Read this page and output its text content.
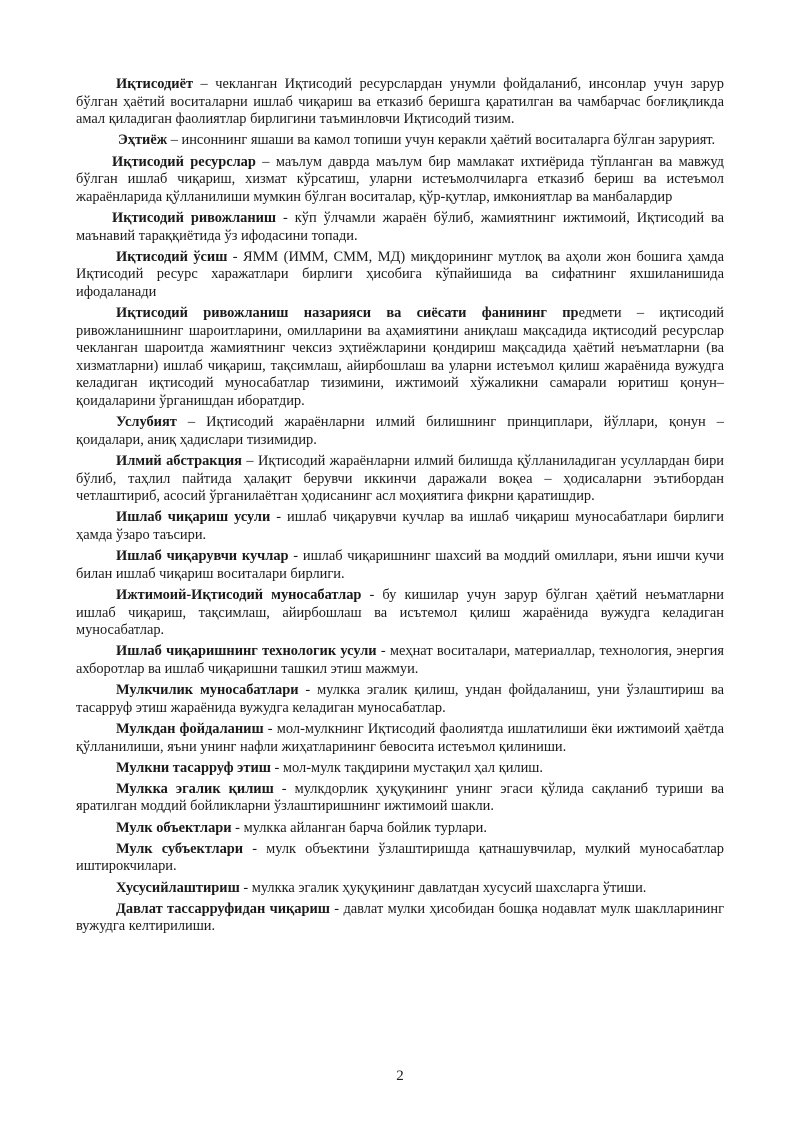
Иқтисодиёт – чекланган Иқтисодий ресурслардан унумли фойдаланиб, инсонлар учун зарур бўлган ҳаётий воситаларни ишлаб чиқариш ва етказиб беришга қаратилган ва чамбарчас боғлиқликда амал қиладиган фаолиятлар бирлигини таъминловчи Иқтисодий тизим.

Эҳтиёж – инсоннинг яшаши ва камол топиши учун керакли ҳаётий воситаларга бўлган зарурият.

Иқтисодий ресурслар – маълум даврда маълум бир мамлакат ихтиёрида тўпланган ва мавжуд бўлган ишлаб чиқариш, хизмат кўрсатиш, уларни истеъмолчиларга етказиб бериш ва истеъмол жараёнларида қўлланилиши мумкин бўлган воситалар, қўр-қутлар, имкониятлар ва манбалардир

Иқтисодий ривожланиш - кўп ўлчамли жараён бўлиб, жамиятнинг ижтимоий, Иқтисодий ва маънавий тараққиётида ўз ифодасини топади.

Иқтисодий ўсиш - ЯММ (ИММ, СММ, МД) миқдорининг мутлоқ ва аҳоли жон бошига ҳамда Иқтисодий ресурс харажатлари бирлиги ҳисобига кўпайишида ва сифатнинг яхшиланишида ифодаланади

Иқтисодий ривожланиш назарияси ва сиёсати фанининг предмети – иқтисодий ривожланишнинг шароитларини, омилларини ва аҳамиятини аниқлаш мақсадида иқтисодий ресурслар чекланган шароитда жамиятнинг чексиз эҳтиёжларини қондириш мақсадида ҳаётий неъматларни (ва хизматларни) ишлаб чиқариш, тақсимлаш, айирбошлаш ва уларни истеъмол қилиш жараёнида вужудга келадиган иқтисодий муносабатлар тизимини, ижтимоий хўжаликни самарали юритиш қонун–қоидаларини ўрганишдан иборатдир.

Услубият – Иқтисодий жараёнларни илмий билишнинг принциплари, йўллари, қонун – қоидалари, аниқ ҳадислари тизимидир.

Илмий абстракция – Иқтисодий жараёнларни илмий билишда қўлланиладиган усуллардан бири бўлиб, таҳлил пайтида ҳалақит берувчи иккинчи даражали воқеа – ҳодисаларни эътибордан четлаштириб, асосий ўрганилаётган ҳодисанинг асл моҳиятига фикрни қаратишдир.

Ишлаб чиқариш усули - ишлаб чиқарувчи кучлар ва ишлаб чиқариш муносабатлари бирлиги ҳамда ўзаро таъсири.

Ишлаб чиқарувчи кучлар - ишлаб чиқаришнинг шахсий ва моддий омиллари, яъни ишчи кучи билан ишлаб чиқариш воситалари бирлиги.

Ижтимоий-Иқтисодий муносабатлар - бу кишилар учун зарур бўлган ҳаётий неъматларни ишлаб чиқариш, тақсимлаш, айирбошлаш ва исътемол қилиш жараёнида вужудга келадиган муносабатлар.

Ишлаб чиқаришнинг технологик усули - меҳнат воситалари, материаллар, технология, энергия ахборотлар ва ишлаб чиқаришни ташкил этиш мажмуи.

Мулкчилик муносабатлари - мулкка эгалик қилиш, ундан фойдаланиш, уни ўзлаштириш ва тасарруф этиш жараёнида вужудга келадиган муносабатлар.

Мулкдан фойдаланиш - мол-мулкнинг Иқтисодий фаолиятда ишлатилиши ёки ижтимоий ҳаётда қўлланилиши, яъни унинг нафли жиҳатларининг бевосита истеъмол қилиниши.

Мулкни тасарруф этиш - мол-мулк тақдирини мустақил ҳал қилиш.

Мулкка эгалик қилиш - мулкдорлик ҳуқуқининг унинг эгаси қўлида сақланиб туриши ва яратилган моддий бойликларни ўзлаштиришнинг ижтимоий шакли.

Мулк объектлари - мулкка айланган барча бойлик турлари.

Мулк субъектлари - мулк объектини ўзлаштиришда қатнашувчилар, мулкий муносабатлар иштирокчилари.

Хусусийлаштириш - мулкка эгалик ҳуқуқининг давлатдан хусусий шахсларга ўтиши.

Давлат тассарруфидан чиқариш - давлат мулки ҳисобидан бошқа нодавлат мулк шаклларининг вужудга келтирилиши.

2
